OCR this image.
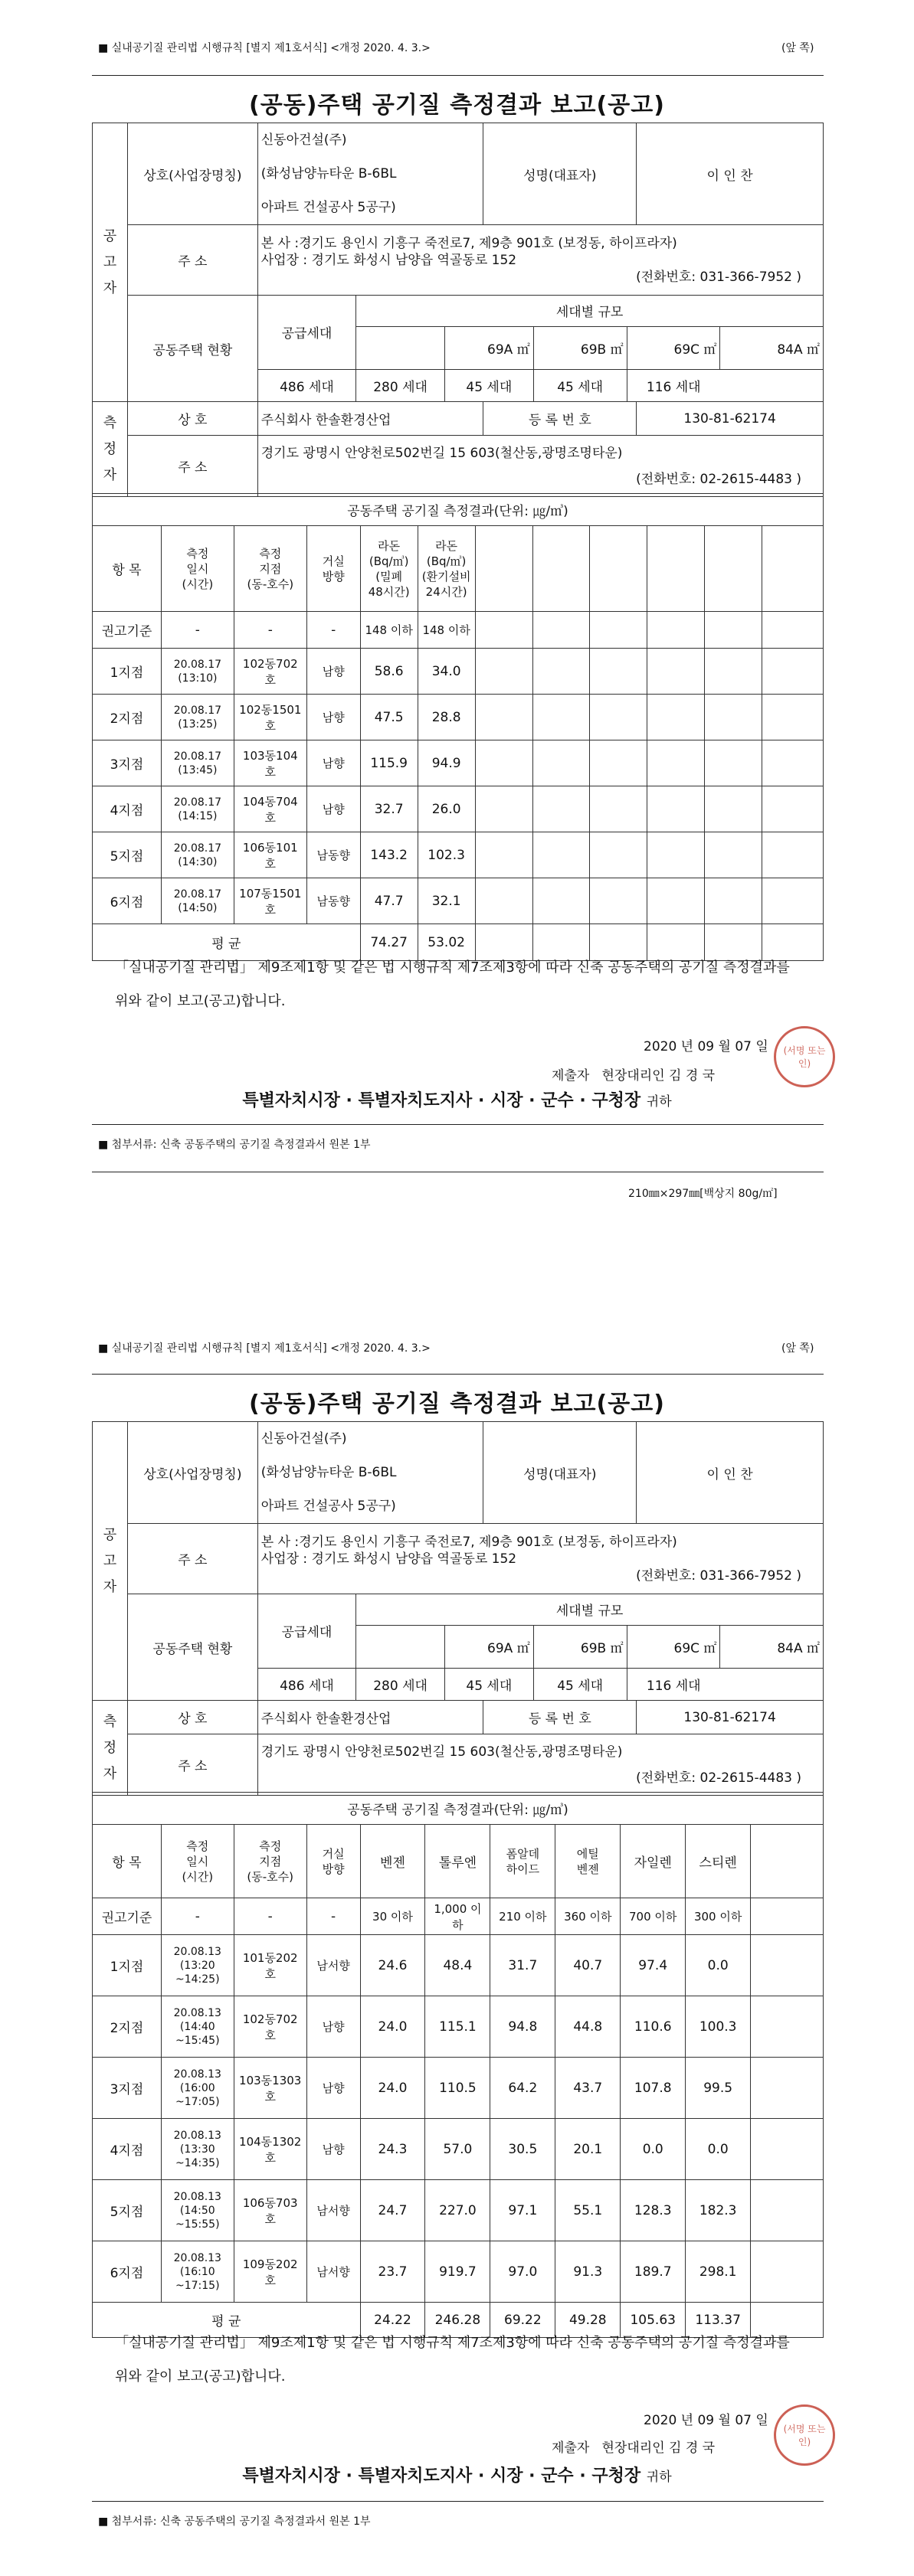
■ 실내공기질 관리법 시행규칙 [별지 제1호서식] <개정 2020. 4. 3.>	(앞 쪽)
(공동)주택 공기질 측정결과 보고(공고)
공
고
자
	상호(사업장명칭)	
신동아건설(주)
(화성남양뉴타운 B-6BL
아파트 건설공사 5공구)
	성명(대표자)	이 인 찬
주 소	
본 사 :경기도 용인시 기흥구 죽전로7, 제9층 901호 (보정동, 하이프라자)
사업장 : 경기도 화성시 남양읍 역골동로 152
(전화번호: 031-366-7952 )

공동주택 현황	
공급세대	세대별 규모
	69A ㎡	69B ㎡	69C ㎡	84A ㎡
486 세대	280 세대	45 세대	45 세대	116 세대

측
정
자
	상 호	주식회사 한솔환경산업	등 록 번 호	130-81-62174
주 소	
경기도 광명시 안양천로502번길 15 603(철산동,광명조명타운)
(전화번호: 02-2615-4483 )
공동주택 공기질 측정결과(단위: ㎍/㎥)											
항 목	측정
일시
(시간)	측정
지점
(동-호수)	거실
방향	라돈
(Bq/㎥)
(밀폐
48시간)	라돈
(Bq/㎥)
(환기설비
24시간)						

권고기준	-	-	-	148 이하	148 이하						
1지점	20.08.17
(13:10)	102동702호	남향	58.6	34.0						
2지점	20.08.17
(13:25)	102동1501호	남향	47.5	28.8						
3지점	20.08.17
(13:45)	103동104호	남향	115.9	94.9						
4지점	20.08.17
(14:15)	104동704호	남향	32.7	26.0						
5지점	20.08.17
(14:30)	106동101호	남동향	143.2	102.3						
6지점	20.08.17
(14:50)	107동1501호	남동향	47.7	32.1						
평 균				74.27	53.02						
「실내공기질 관리법」 제9조제1항 및 같은 법 시행규칙 제7조제3항에 따라 신축 공동주택의 공기질 측정결과를 위와 같이 보고(공고)합니다.
2020 년 09 월 07 일
제출자 현장대리인 김 경 국
(서명 또는 인)
특별자치시장 · 특별자치도지사 · 시장 · 군수 · 구청장 귀하
■ 첨부서류: 신축 공동주택의 공기질 측정결과서 원본 1부
210㎜×297㎜[백상지 80g/㎡]
■ 실내공기질 관리법 시행규칙 [별지 제1호서식] <개정 2020. 4. 3.>	(앞 쪽)
(공동)주택 공기질 측정결과 보고(공고)
공
고
자
	상호(사업장명칭)	
신동아건설(주)
(화성남양뉴타운 B-6BL
아파트 건설공사 5공구)
	성명(대표자)	이 인 찬
주 소	
본 사 :경기도 용인시 기흥구 죽전로7, 제9층 901호 (보정동, 하이프라자)
사업장 : 경기도 화성시 남양읍 역골동로 152
(전화번호: 031-366-7952 )

공동주택 현황	
공급세대	세대별 규모
	69A ㎡	69B ㎡	69C ㎡	84A ㎡
486 세대	280 세대	45 세대	45 세대	116 세대

측
정
자
	상 호	주식회사 한솔환경산업	등 록 번 호	130-81-62174
주 소	
경기도 광명시 안양천로502번길 15 603(철산동,광명조명타운)
(전화번호: 02-2615-4483 )
공동주택 공기질 측정결과(단위: ㎍/㎥)										
항 목	측정
일시
(시간)	측정
지점
(동-호수)	거실
방향	벤젠	톨루엔	폼알데
하이드	에틸
벤젠	자일렌	스티렌	
권고기준	-	-	-	30 이하	1,000 이하	210 이하	360 이하	700 이하	300 이하	
1지점	20.08.13
(13:20
~14:25)	101동202호	남서향	24.6	48.4	31.7	40.7	97.4	0.0	
2지점	20.08.13
(14:40
~15:45)	102동702호	남향	24.0	115.1	94.8	44.8	110.6	100.3	
3지점	20.08.13
(16:00
~17:05)	103동1303호	남향	24.0	110.5	64.2	43.7	107.8	99.5	
4지점	20.08.13
(13:30
~14:35)	104동1302호	남향	24.3	57.0	30.5	20.1	0.0	0.0	
5지점	20.08.13
(14:50
~15:55)	106동703호	남서향	24.7	227.0	97.1	55.1	128.3	182.3	
6지점	20.08.13
(16:10
~17:15)	109동202호	남서향	23.7	919.7	97.0	91.3	189.7	298.1	
평 균				24.22	246.28	69.22	49.28	105.63	113.37	
「실내공기질 관리법」 제9조제1항 및 같은 법 시행규칙 제7조제3항에 따라 신축 공동주택의 공기질 측정결과를 위와 같이 보고(공고)합니다.
2020 년 09 월 07 일
제출자 현장대리인 김 경 국
(서명 또는 인)
특별자치시장 · 특별자치도지사 · 시장 · 군수 · 구청장 귀하
■ 첨부서류: 신축 공동주택의 공기질 측정결과서 원본 1부
